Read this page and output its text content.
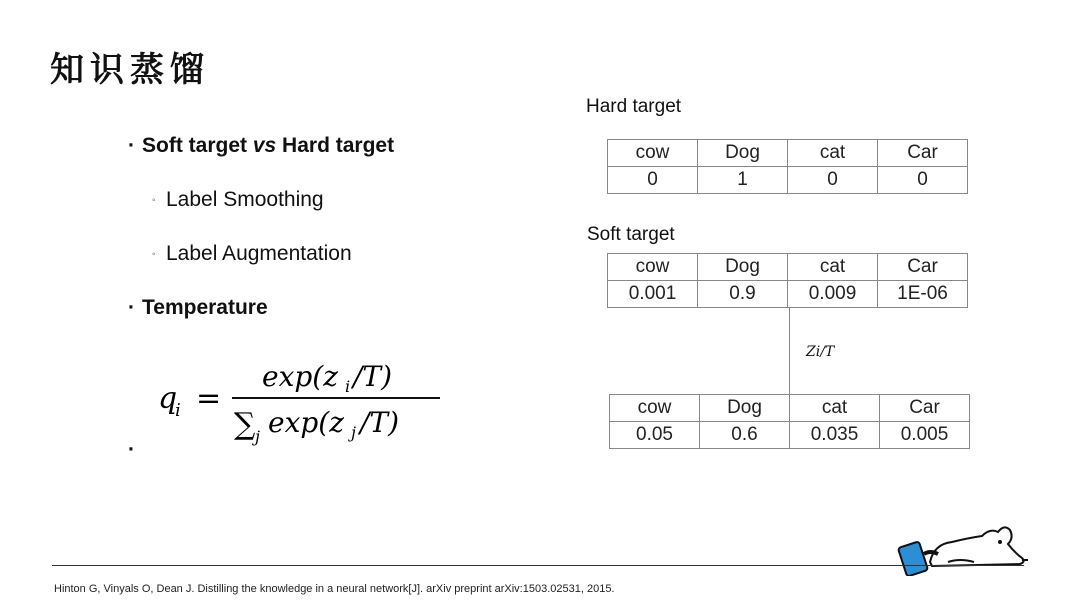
知识蒸馏
· Soft target vs Hard target
◦ Label Smoothing
◦ Label Augmentation
· Temperature
q
i =
exp(z i /T)
∑ j exp(z j /T)
·
Hard target
cow	Dog	cat	Car
0	1	0	0
Soft target
cow	Dog	cat	Car
0.001	0.9	0.009	1E-06
Zi/T
cow	Dog	cat	Car
0.05	0.6	0.035	0.005
Hinton G, Vinyals O, Dean J. Distilling the knowledge in a neural network[J]. arXiv preprint arXiv:1503.02531, 2015.
